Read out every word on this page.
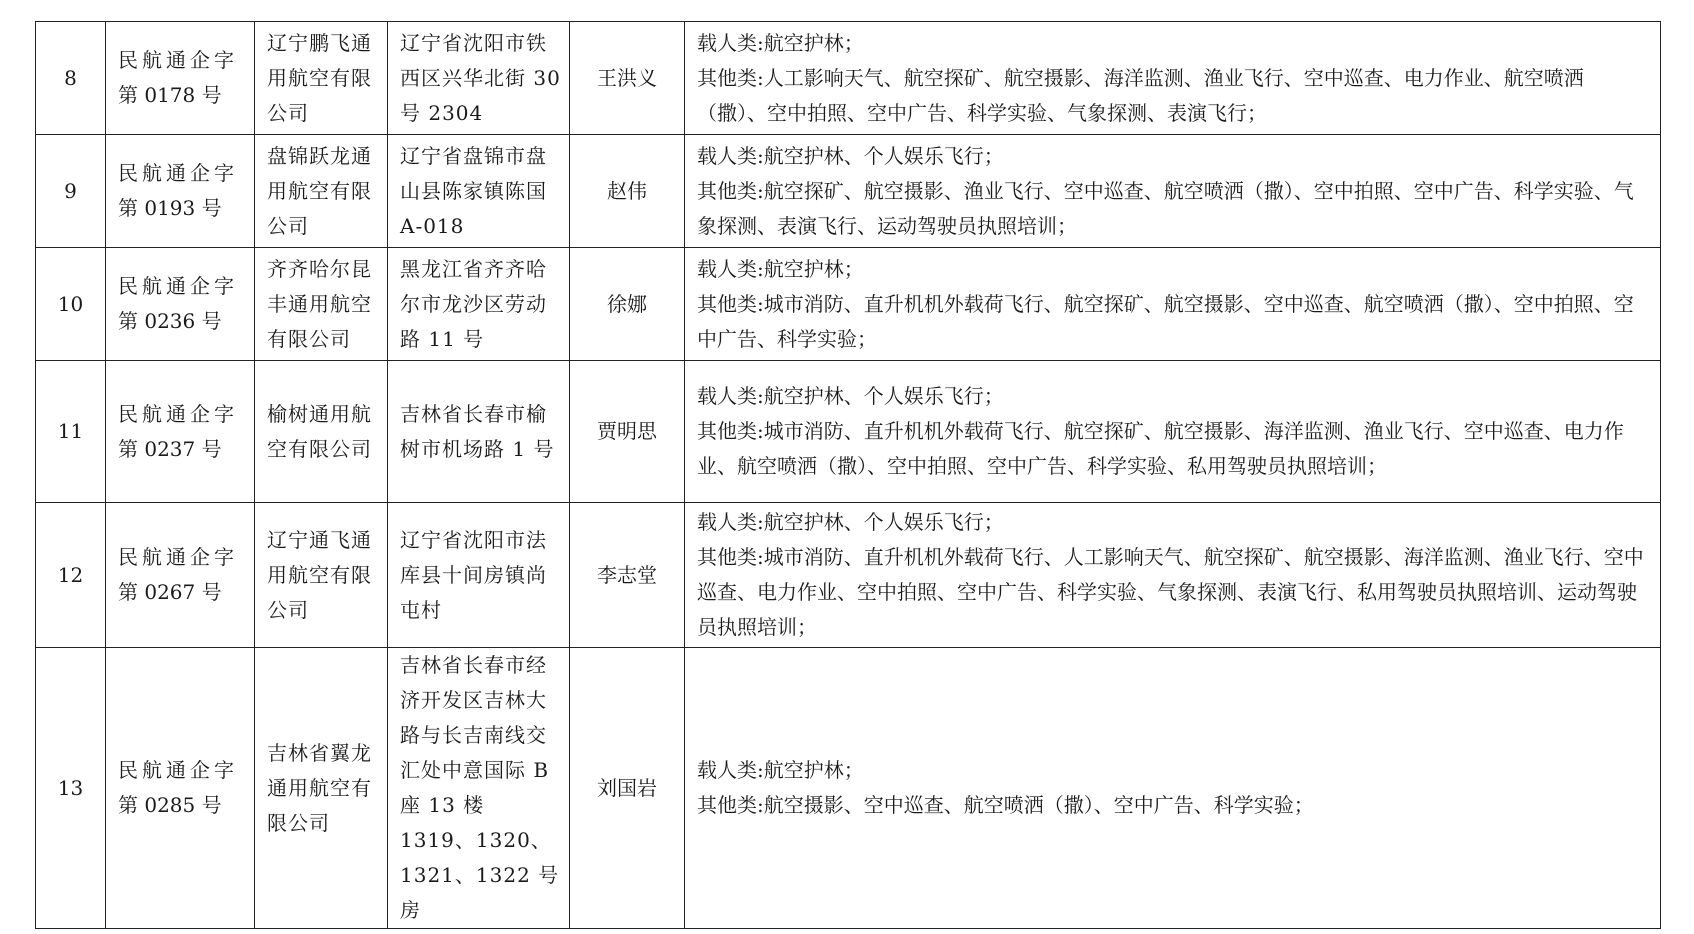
8	民航通企字
第 0178 号	辽宁鹏飞通用航空有限公司	辽宁省沈阳市铁西区兴华北街 30 号 2304	王洪义	载人类:航空护林；
其他类:人工影响天气、航空探矿、航空摄影、海洋监测、渔业飞行、空中巡查、电力作业、航空喷洒（撒）、空中拍照、空中广告、科学实验、气象探测、表演飞行；

9	民航通企字
第 0193 号	盘锦跃龙通用航空有限公司	辽宁省盘锦市盘山县陈家镇陈国A-018	赵伟	载人类:航空护林、个人娱乐飞行；
其他类:航空探矿、航空摄影、渔业飞行、空中巡查、航空喷洒（撒）、空中拍照、空中广告、科学实验、气象探测、表演飞行、运动驾驶员执照培训；

10	民航通企字
第 0236 号	齐齐哈尔昆丰通用航空有限公司	黑龙江省齐齐哈尔市龙沙区劳动路 11 号	徐娜	载人类:航空护林；
其他类:城市消防、直升机机外载荷飞行、航空探矿、航空摄影、空中巡查、航空喷洒（撒）、空中拍照、空中广告、科学实验；

11	民航通企字
第 0237 号	榆树通用航空有限公司	吉林省长春市榆树市机场路 1 号	贾明思	载人类:航空护林、个人娱乐飞行；
其他类:城市消防、直升机机外载荷飞行、航空探矿、航空摄影、海洋监测、渔业飞行、空中巡查、电力作业、航空喷洒（撒）、空中拍照、空中广告、科学实验、私用驾驶员执照培训；

12	民航通企字
第 0267 号	辽宁通飞通用航空有限公司	辽宁省沈阳市法库县十间房镇尚屯村	李志堂	载人类:航空护林、个人娱乐飞行；
其他类:城市消防、直升机机外载荷飞行、人工影响天气、航空探矿、航空摄影、海洋监测、渔业飞行、空中巡查、电力作业、空中拍照、空中广告、科学实验、气象探测、表演飞行、私用驾驶员执照培训、运动驾驶员执照培训；

13	民航通企字
第 0285 号	吉林省翼龙通用航空有限公司	吉林省长春市经济开发区吉林大路与长吉南线交汇处中意国际 B 座 13 楼 1319、1320、1321、1322 号房	刘国岩	载人类:航空护林；
其他类:航空摄影、空中巡查、航空喷洒（撒）、空中广告、科学实验；
